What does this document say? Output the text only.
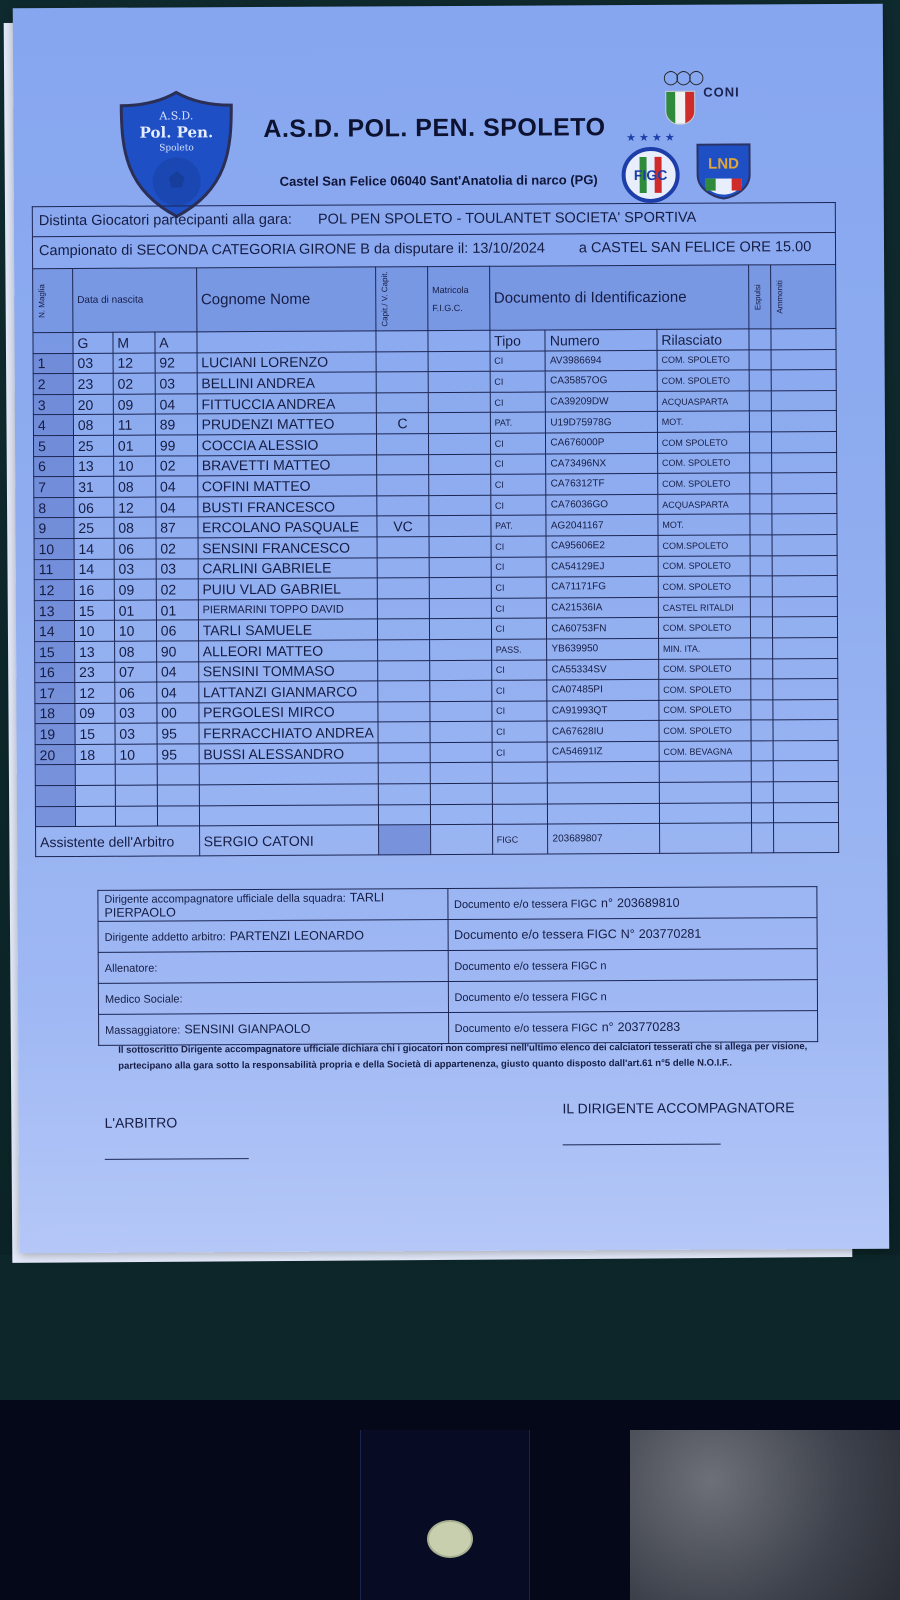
A.S.D.
Pol. Pen.
Spoleto
A.S.D. POL. PEN. SPOLETO
Castel San Felice 06040 Sant'Anatolia di narco (PG)
◯◯◯
CONI
★ ★ ★ ★
FIGC
LND
Distinta Giocatori partecipanti alla gara: POL PEN SPOLETO - TOULANTET SOCIETA' SPORTIVA
Campionato di SECONDA CATEGORIA GIRONE B da disputare il: 13/10/2024 a CASTEL SAN FELICE ORE 15.00
N. Maglia	Data di nascita			Cognome Nome	Capit./ V. Capit.	Matricola F.I.G.C.	Documento di Identificazione			Espulsi	Ammoniti

	G	M	A				Tipo	Numero	Rilasciato		
1	03	12	92	LUCIANI LORENZO			CI	AV3986694	COM. SPOLETO		
2	23	02	03	BELLINI ANDREA			CI	CA35857OG	COM. SPOLETO		
3	20	09	04	FITTUCCIA ANDREA			CI	CA39209DW	ACQUASPARTA		
4	08	11	89	PRUDENZI MATTEO	C		PAT.	U19D75978G	MOT.		
5	25	01	99	COCCIA ALESSIO			CI	CA676000P	COM SPOLETO		
6	13	10	02	BRAVETTI MATTEO			CI	CA73496NX	COM. SPOLETO		
7	31	08	04	COFINI MATTEO			CI	CA76312TF	COM. SPOLETO		
8	06	12	04	BUSTI FRANCESCO			CI	CA76036GO	ACQUASPARTA		
9	25	08	87	ERCOLANO PASQUALE	VC		PAT.	AG2041167	MOT.		
10	14	06	02	SENSINI FRANCESCO			CI	CA95606E2	COM.SPOLETO		
11	14	03	03	CARLINI GABRIELE			CI	CA54129EJ	COM. SPOLETO		
12	16	09	02	PUIU VLAD GABRIEL			CI	CA71171FG	COM. SPOLETO		
13	15	01	01	PIERMARINI TOPPO DAVID			CI	CA21536IA	CASTEL RITALDI		
14	10	10	06	TARLI SAMUELE			CI	CA60753FN	COM. SPOLETO		
15	13	08	90	ALLEORI MATTEO			PASS.	YB639950	MIN. ITA.		
16	23	07	04	SENSINI TOMMASO			CI	CA55334SV	COM. SPOLETO		
17	12	06	04	LATTANZI GIANMARCO			CI	CA07485PI	COM. SPOLETO		
18	09	03	00	PERGOLESI MIRCO			CI	CA91993QT	COM. SPOLETO		
19	15	03	95	FERRACCHIATO ANDREA			CI	CA67628IU	COM. SPOLETO		
20	18	10	95	BUSSI ALESSANDRO			CI	CA54691IZ	COM. BEVAGNA		

Assistente dell'Arbitro				SERGIO CATONI			FIGC	203689807			
Dirigente accompagnatore ufficiale della squadra: TARLI PIERPAOLO	Documento e/o tessera FIGC n° 203689810
Dirigente addetto arbitro: PARTENZI LEONARDO	Documento e/o tessera FIGC N° 203770281
Allenatore:	Documento e/o tessera FIGC n
Medico Sociale:	Documento e/o tessera FIGC n
Massaggiatore: SENSINI GIANPAOLO	Documento e/o tessera FIGC n° 203770283
Il sottoscritto Dirigente accompagnatore ufficiale dichiara chi i giocatori non compresi nell'ultimo elenco dei calciatori tesserati che si allega per visione, partecipano alla gara sotto la responsabilità propria e della Società di appartenenza, giusto quanto disposto dall'art.61 n°5 delle N.O.I.F..
L'ARBITRO
IL DIRIGENTE ACCOMPAGNATORE
